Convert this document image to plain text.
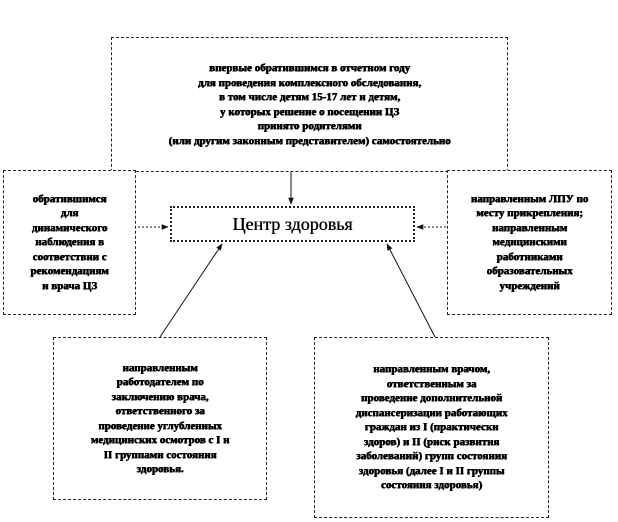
впервые обратившимся в отчетном году
для проведения комплексного обследования,
в том числе детям 15-17 лет и детям,
у которых решение о посещении ЦЗ
принято родителями
(или другим законным представителем) самостоятельно
обратившимся
для
динамического
наблюдения в
соответствии с
рекомендациям
и врача ЦЗ
направленным ЛПУ по
месту прикрепления;
направленным
медицинскими
работниками
образовательных
учреждений
Центр здоровья
направленным
работодателем по
заключению врача,
ответственного за
проведение углубленных
медицинских осмотров с I и
II группами состояния
здоровья.
направленным врачом,
ответственным за
проведение дополнительной
диспансеризации работающих
граждан из I (практически
здоров) и II (риск развития
заболеваний) групп состояния
здоровья (далее I и II группы
состояния здоровья)
